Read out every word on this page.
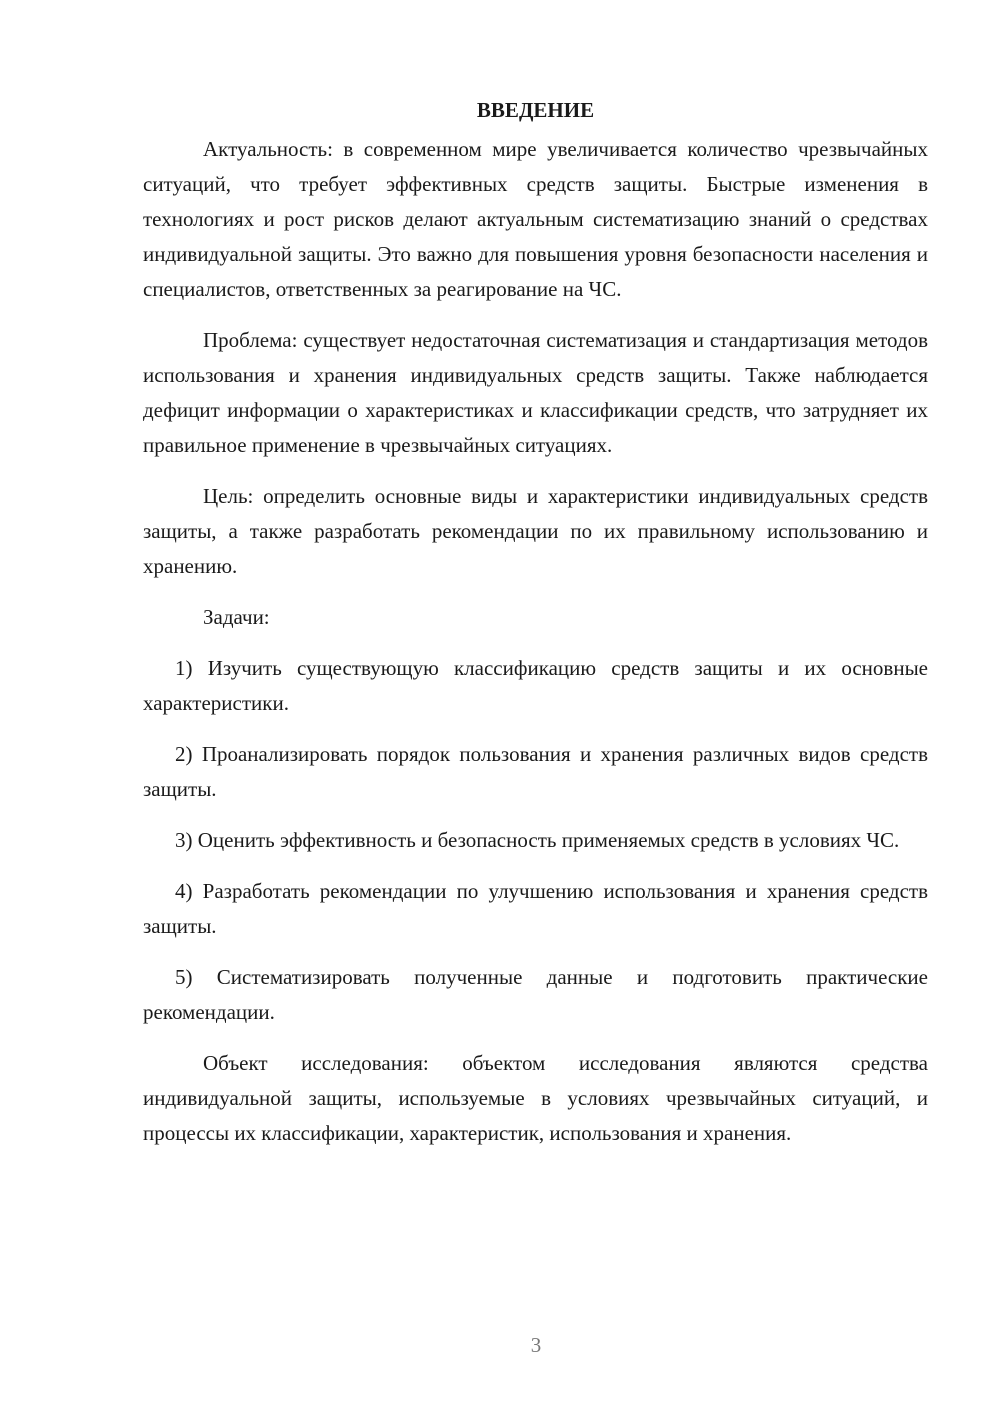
ВВЕДЕНИЕ

Актуальность: в современном мире увеличивается количество чрезвычайных ситуаций, что требует эффективных средств защиты. Быстрые изменения в технологиях и рост рисков делают актуальным систематизацию знаний о средствах индивидуальной защиты. Это важно для повышения уровня безопасности населения и специалистов, ответственных за реагирование на ЧС.

Проблема: существует недостаточная систематизация и стандартизация методов использования и хранения индивидуальных средств защиты. Также наблюдается дефицит информации о характеристиках и классификации средств, что затрудняет их правильное применение в чрезвычайных ситуациях.

Цель: определить основные виды и характеристики индивидуальных средств защиты, а также разработать рекомендации по их правильному использованию и хранению.

Задачи:

1) Изучить существующую классификацию средств защиты и их основные характеристики.

2) Проанализировать порядок пользования и хранения различных видов средств защиты.

3) Оценить эффективность и безопасность применяемых средств в условиях ЧС.

4) Разработать рекомендации по улучшению использования и хранения средств защиты.

5) Систематизировать полученные данные и подготовить практические рекомендации.

Объект исследования: объектом исследования являются средства индивидуальной защиты, используемые в условиях чрезвычайных ситуаций, и процессы их классификации, характеристик, использования и хранения.

3
